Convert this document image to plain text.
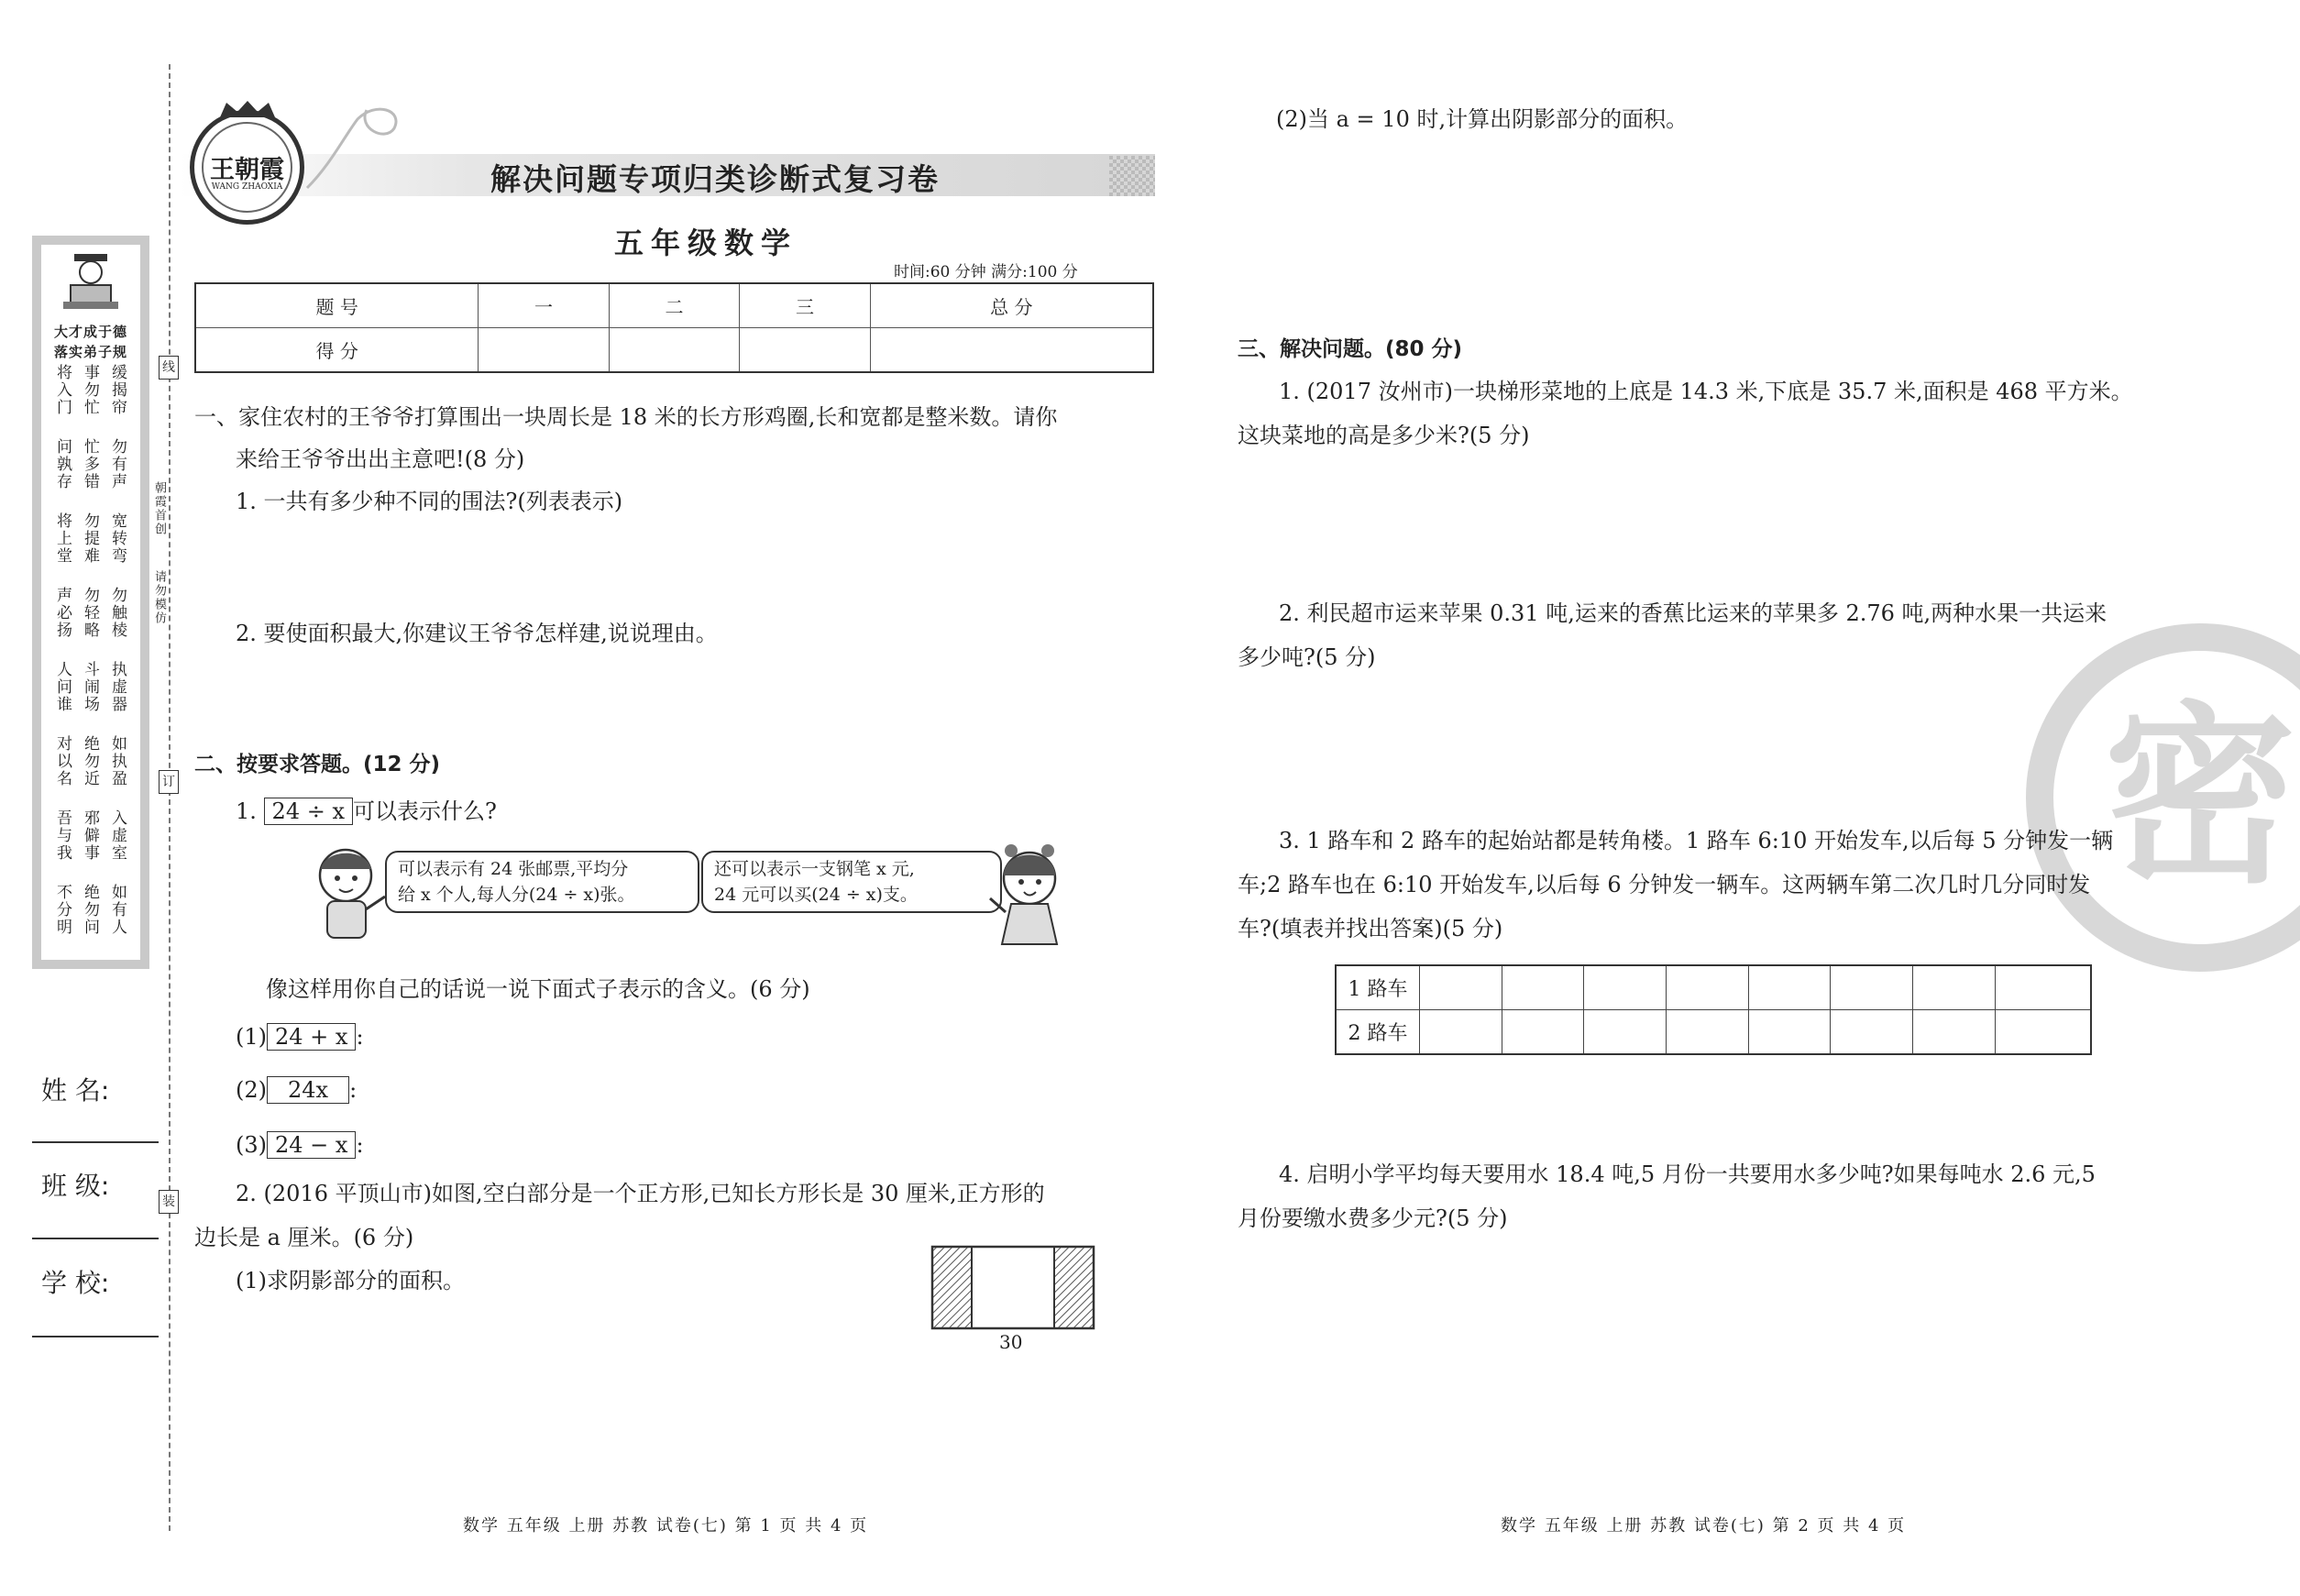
大才成于德
落实弟子规
将入门 事勿忙 缓揭帘
问孰存 忙多错 勿有声
将上堂 勿提难 宽转弯
声必扬 勿轻略 勿触棱
人问谁 斗闹场 执虚器
对以名 绝勿近 如执盈
吾与我 邪僻事 入虚室
不分明 绝勿问 如有人
姓 名:
班 级:
学 校:
线
订
装
朝霞首创
请勿模仿
王朝霞
WANG ZHAOXIA	解决问题专项归类诊断式复习卷
五年级数学
时间:60 分钟 满分:100 分
题 号	一	二	三	总 分
得 分				
一、家住农村的王爷爷打算围出一块周长是 18 米的长方形鸡圈,长和宽都是整米数。请你
来给王爷爷出出主意吧!(8 分)
1. 一共有多少种不同的围法?(列表表示)
2. 要使面积最大,你建议王爷爷怎样建,说说理由。
二、按要求答题。(12 分)
1. 24 ÷ x 可以表示什么?
可以表示有 24 张邮票,平均分
给 x 个人,每人分(24 ÷ x)张。
还可以表示一支钢笔 x 元,
24 元可以买(24 ÷ x)支。
像这样用你自己的话说一说下面式子表示的含义。(6 分)
(1) 24 + x :
(2) 24x :
(3) 24 − x :
2. (2016 平顶山市)如图,空白部分是一个正方形,已知长方形长是 30 厘米,正方形的
边长是 a 厘米。(6 分)
(1)求阴影部分的面积。
30
数学 五年级 上册 苏教 试卷(七) 第 1 页 共 4 页
密
(2)当 a = 10 时,计算出阴影部分的面积。
三、解决问题。(80 分)
1. (2017 汝州市)一块梯形菜地的上底是 14.3 米,下底是 35.7 米,面积是 468 平方米。
这块菜地的高是多少米?(5 分)
2. 利民超市运来苹果 0.31 吨,运来的香蕉比运来的苹果多 2.76 吨,两种水果一共运来
多少吨?(5 分)
3. 1 路车和 2 路车的起始站都是转角楼。1 路车 6:10 开始发车,以后每 5 分钟发一辆
车;2 路车也在 6:10 开始发车,以后每 6 分钟发一辆车。这两辆车第二次几时几分同时发
车?(填表并找出答案)(5 分)
1 路车								
2 路车								
4. 启明小学平均每天要用水 18.4 吨,5 月份一共要用水多少吨?如果每吨水 2.6 元,5
月份要缴水费多少元?(5 分)
数学 五年级 上册 苏教 试卷(七) 第 2 页 共 4 页
